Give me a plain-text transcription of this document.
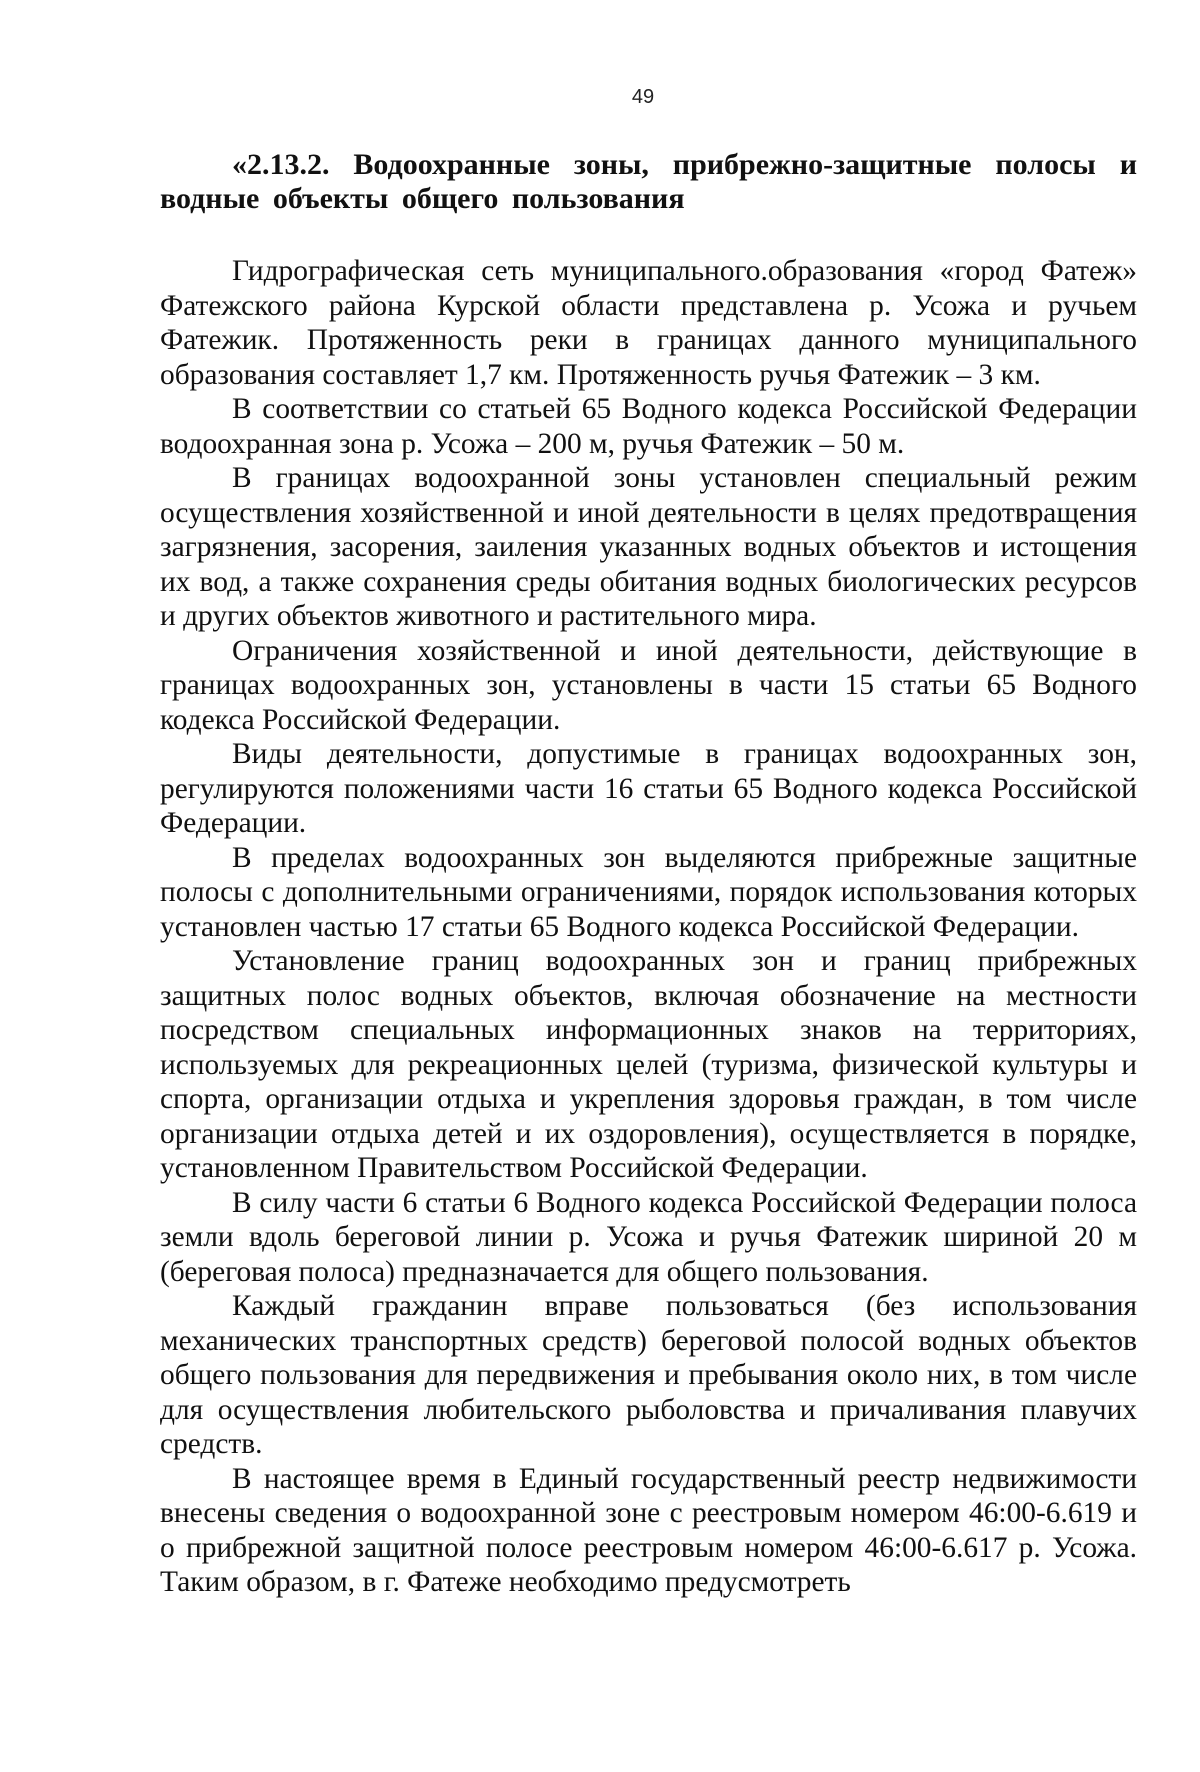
49

«2.13.2. Водоохранные зоны, прибрежно-защитные полосы и водные объекты общего пользования

Гидрографическая сеть муниципального.образования «город Фатеж» Фатежского района Курской области представлена р. Усожа и ручьем Фатежик. Протяженность реки в границах данного муниципального образования составляет 1,7 км. Протяженность ручья Фатежик – 3 км.

В соответствии со статьей 65 Водного кодекса Российской Федерации водоохранная зона р. Усожа – 200 м, ручья Фатежик – 50 м.

В границах водоохранной зоны установлен специальный режим осуществления хозяйственной и иной деятельности в целях предотвращения загрязнения, засорения, заиления указанных водных объектов и истощения их вод, а также сохранения среды обитания водных биологических ресурсов и других объектов животного и растительного мира.

Ограничения хозяйственной и иной деятельности, действующие в границах водоохранных зон, установлены в части 15 статьи 65 Водного кодекса Российской Федерации.

Виды деятельности, допустимые в границах водоохранных зон, регулируются положениями части 16 статьи 65 Водного кодекса Российской Федерации.

В пределах водоохранных зон выделяются прибрежные защитные полосы с дополнительными ограничениями, порядок использования которых установлен частью 17 статьи 65 Водного кодекса Российской Федерации.

Установление границ водоохранных зон и границ прибрежных защитных полос водных объектов, включая обозначение на местности посредством специальных информационных знаков на территориях, используемых для рекреационных целей (туризма, физической культуры и спорта, организации отдыха и укрепления здоровья граждан, в том числе организации отдыха детей и их оздоровления), осуществляется в порядке, установленном Правительством Российской Федерации.

В силу части 6 статьи 6 Водного кодекса Российской Федерации полоса земли вдоль береговой линии р. Усожа и ручья Фатежик шириной 20 м (береговая полоса) предназначается для общего пользования.

Каждый гражданин вправе пользоваться (без использования механических транспортных средств) береговой полосой водных объектов общего пользования для передвижения и пребывания около них, в том числе для осуществления любительского рыболовства и причаливания плавучих средств.

В настоящее время в Единый государственный реестр недвижимости внесены сведения о водоохранной зоне с реестровым номером 46:00-6.619 и о прибрежной защитной полосе реестровым номером 46:00-6.617 р. Усожа. Таким образом, в г. Фатеже необходимо предусмотреть
